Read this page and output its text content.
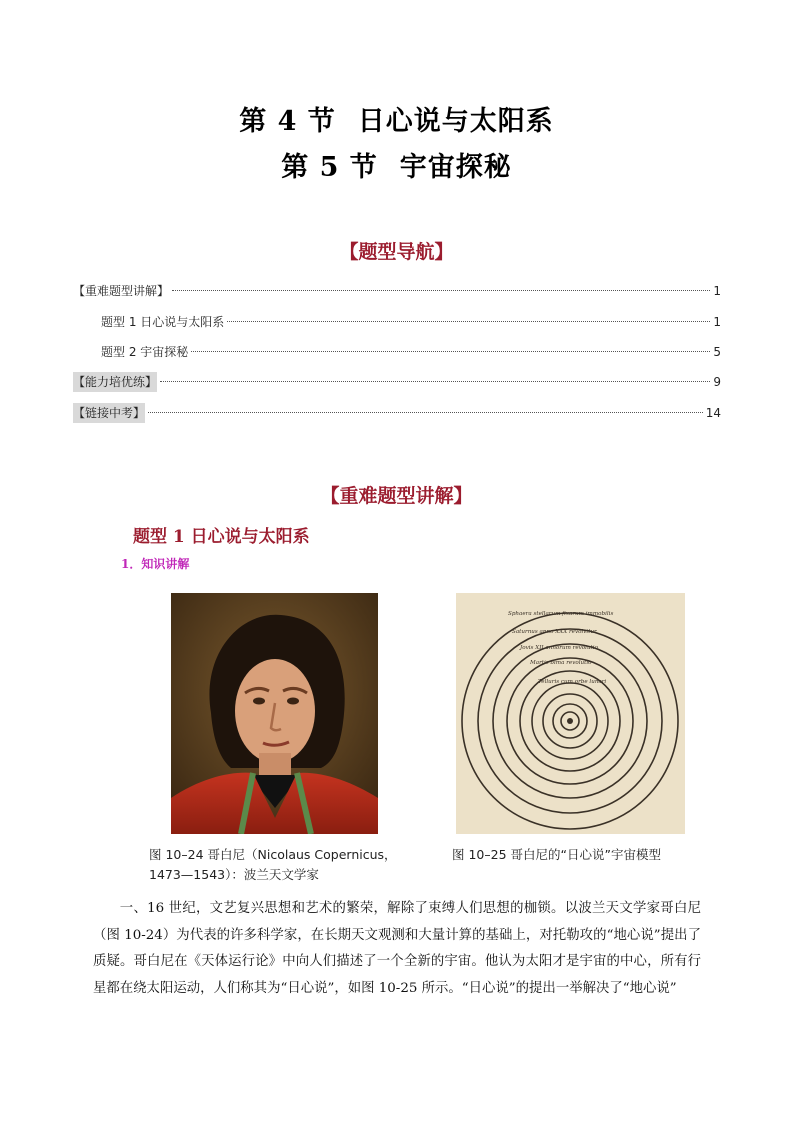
第 4 节 日心说与太阳系
第 5 节 宇宙探秘
【题型导航】
【重难题型讲解】	1
题型 1 日心说与太阳系	1
题型 2 宇宙探秘	5
【能力培优练】	9
【链接中考】	14
【重难题型讲解】
题型 1 日心说与太阳系
1．知识讲解
Sphaera stellarum fixarum immobilis
Saturnus anno XXX revolvitur
Jovis XII annorum revolutio
Martis bima revolutio
Telluris cum orbe lunari
图 10–24 哥白尼（Nicolaus Copernicus，
1473—1543）：波兰天文学家
图 10–25 哥白尼的“日心说”宇宙模型
一、16 世纪，文艺复兴思想和艺术的繁荣，解除了束缚人们思想的枷锁。以波兰天文学家哥白尼（图 10-24）为代表的许多科学家，在长期天文观测和大量计算的基础上，对托勒攻的“地心说”提出了质疑。哥白尼在《天体运行论》中向人们描述了一个全新的宇宙。他认为太阳才是宇宙的中心，所有行星都在绕太阳运动，人们称其为“日心说”，如图 10-25 所示。“日心说”的提出一举解决了“地心说”
